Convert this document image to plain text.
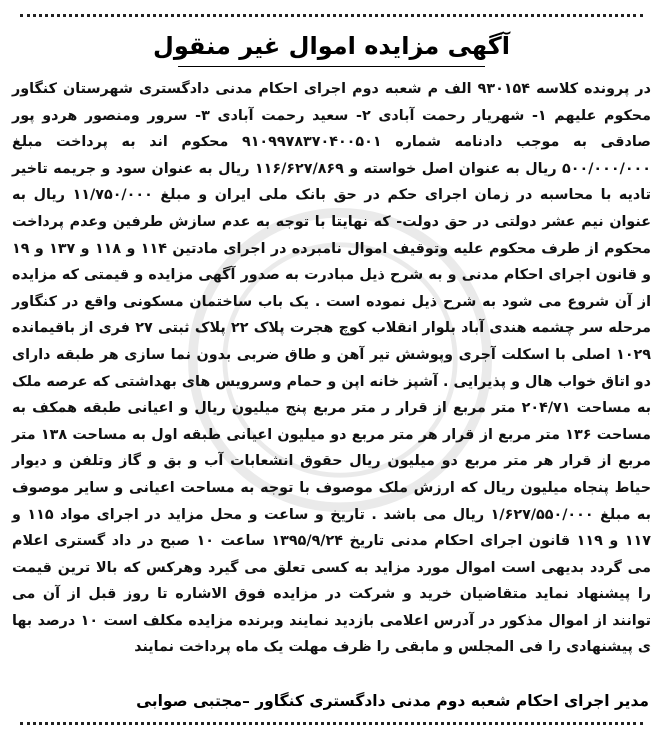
آگهی مزایده اموال غیر منقول
در پرونده کلاسه ۹۳۰۱۵۴ الف م شعبه دوم اجرای احکام مدنی دادگستری شهرستان کنگاور محکوم علیهم ۱- شهریار رحمت آبادی ۲- سعید رحمت آبادی ۳- سرور ومنصور هردو پور صادقی به موجب دادنامه شماره ۹۱۰۹۹۷۸۳۷۰۴۰۰۵۰۱ محکوم اند به پرداخت مبلغ ۵۰۰/۰۰۰/۰۰۰ ریال به عنوان اصل خواسته و ۱۱۶/۶۲۷/۸۶۹ ریال به عنوان سود و جریمه تاخیر تادیه با محاسبه در زمان اجرای حکم در حق بانک ملی ایران و مبلغ ۱۱/۷۵۰/۰۰۰ ریال به عنوان نیم عشر دولتی در حق دولت- که نهایتا با توجه به عدم سازش طرفین وعدم پرداخت محکوم از طرف محکوم علیه وتوقیف اموال نامبرده در اجرای مادتین ۱۱۴ و ۱۱۸ و ۱۳۷ و ۱۹ و قانون اجرای احکام مدنی و به شرح ذیل مبادرت به صدور آگهی مزایده و قیمتی که مزایده از آن شروع می شود به شرح ذیل نموده است . یک باب ساختمان مسکونی واقع در کنگاور مرحله سر چشمه هندی آباد بلوار انقلاب کوچ هجرت پلاک ۲۲ پلاک ثبتی ۲۷ فری از باقیمانده ۱۰۲۹ اصلی با اسکلت آجری وپوشش تیر آهن و طاق ضربی بدون نما سازی هر طبقه دارای دو اتاق خواب هال و پذیرایی . آشپز خانه اپن و حمام وسرویس های بهداشتی که عرصه ملک به مساحت ۲۰۴/۷۱ متر مربع از قرار ر متر مربع پنج میلیون ریال و اعیانی طبقه همکف به مساحت ۱۳۶ متر مربع از قرار هر متر مربع دو میلیون اعیانی طبقه اول به مساحت ۱۳۸ متر مربع از قرار هر متر مربع دو میلیون ریال حقوق انشعابات آب و بق و گاز وتلفن و دیوار حیاط پنجاه میلیون ریال که ارزش ملک موصوف با توجه به مساحت اعیانی و سایر موصوف به مبلغ ۱/۶۲۷/۵۵۰/۰۰۰ ریال می باشد . تاریخ و ساعت و محل مزاید در اجرای مواد ۱۱۵ و ۱۱۷ و ۱۱۹ قانون اجرای احکام مدنی تاریخ ۱۳۹۵/۹/۲۴ ساعت ۱۰ صبح در داد گستری اعلام می گردد بدیهی است اموال مورد مزاید به کسی تعلق می گیرد وهرکس که بالا ترین قیمت را پیشنهاد نماید متقاضیان خرید و شرکت در مزایده فوق الاشاره تا روز قبل از آن می توانند از اموال مذکور در آدرس اعلامی بازدید نمایند وبرنده مزایده مکلف است ۱۰ درصد بها ی پیشنهادی را فی المجلس و مابقی را ظرف مهلت یک ماه پرداخت نمایند
مدیر اجرای احکام شعبه دوم مدنی دادگستری کنگاور –مجتبی صوابی
